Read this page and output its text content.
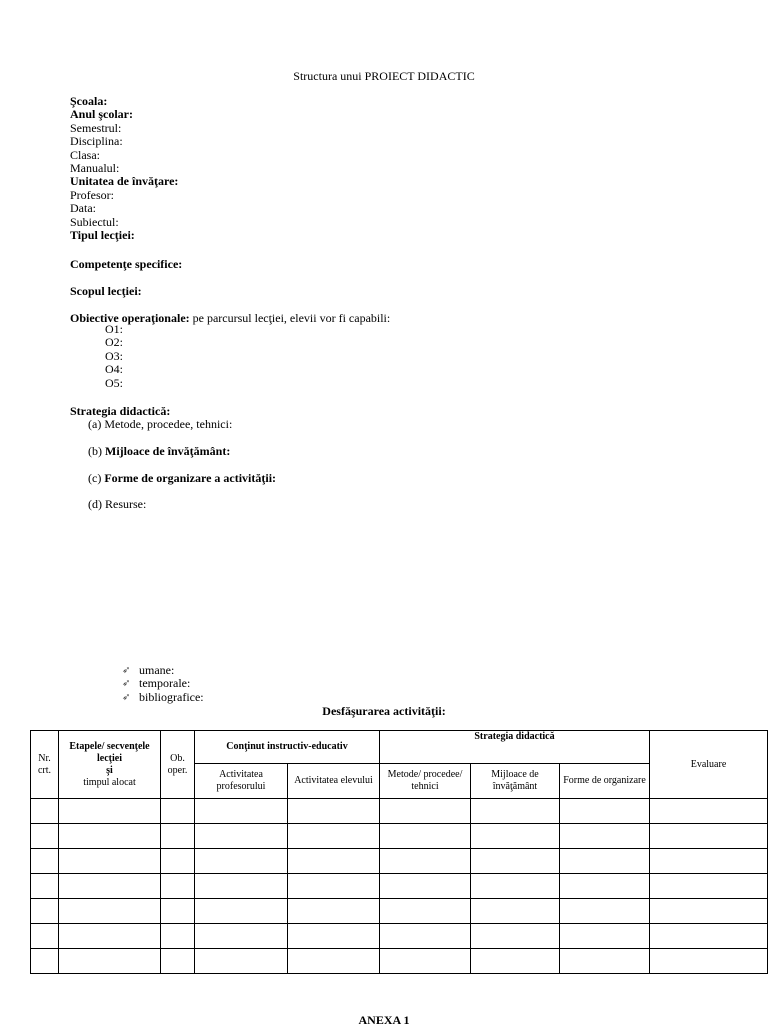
Structura unui PROIECT DIDACTIC
Şcoala:
Anul şcolar:
Semestrul:
Disciplina:
Clasa:
Manualul:
Unitatea de învăţare:
Profesor:
Data:
Subiectul:
Tipul lecţiei:
Competenţe specifice:
Scopul lecţiei:
Obiective operaţionale: pe parcursul lecţiei, elevii vor fi capabili:
O1:
O2:
O3:
O4:
O5:
Strategia didactică:
(a) Metode, procedee, tehnici:
(b) Mijloace de învăţământ:
(c) Forme de organizare a activităţii:
(d) Resurse:
➶ umane:
➶ temporale:
➶ bibliografice:
Desfăşurarea activităţii:
Nr. crt.	Etapele/ secvenţele
lecţiei
şi
timpul alocat	Ob. oper.	Conţinut instructiv-educativ		Strategia didactică			Evaluare
			Activitatea profesorului	Activitatea elevului	Metode/ procedee/ tehnici	Mijloace de învăţământ	Forme de organizare	

ANEXA 1
